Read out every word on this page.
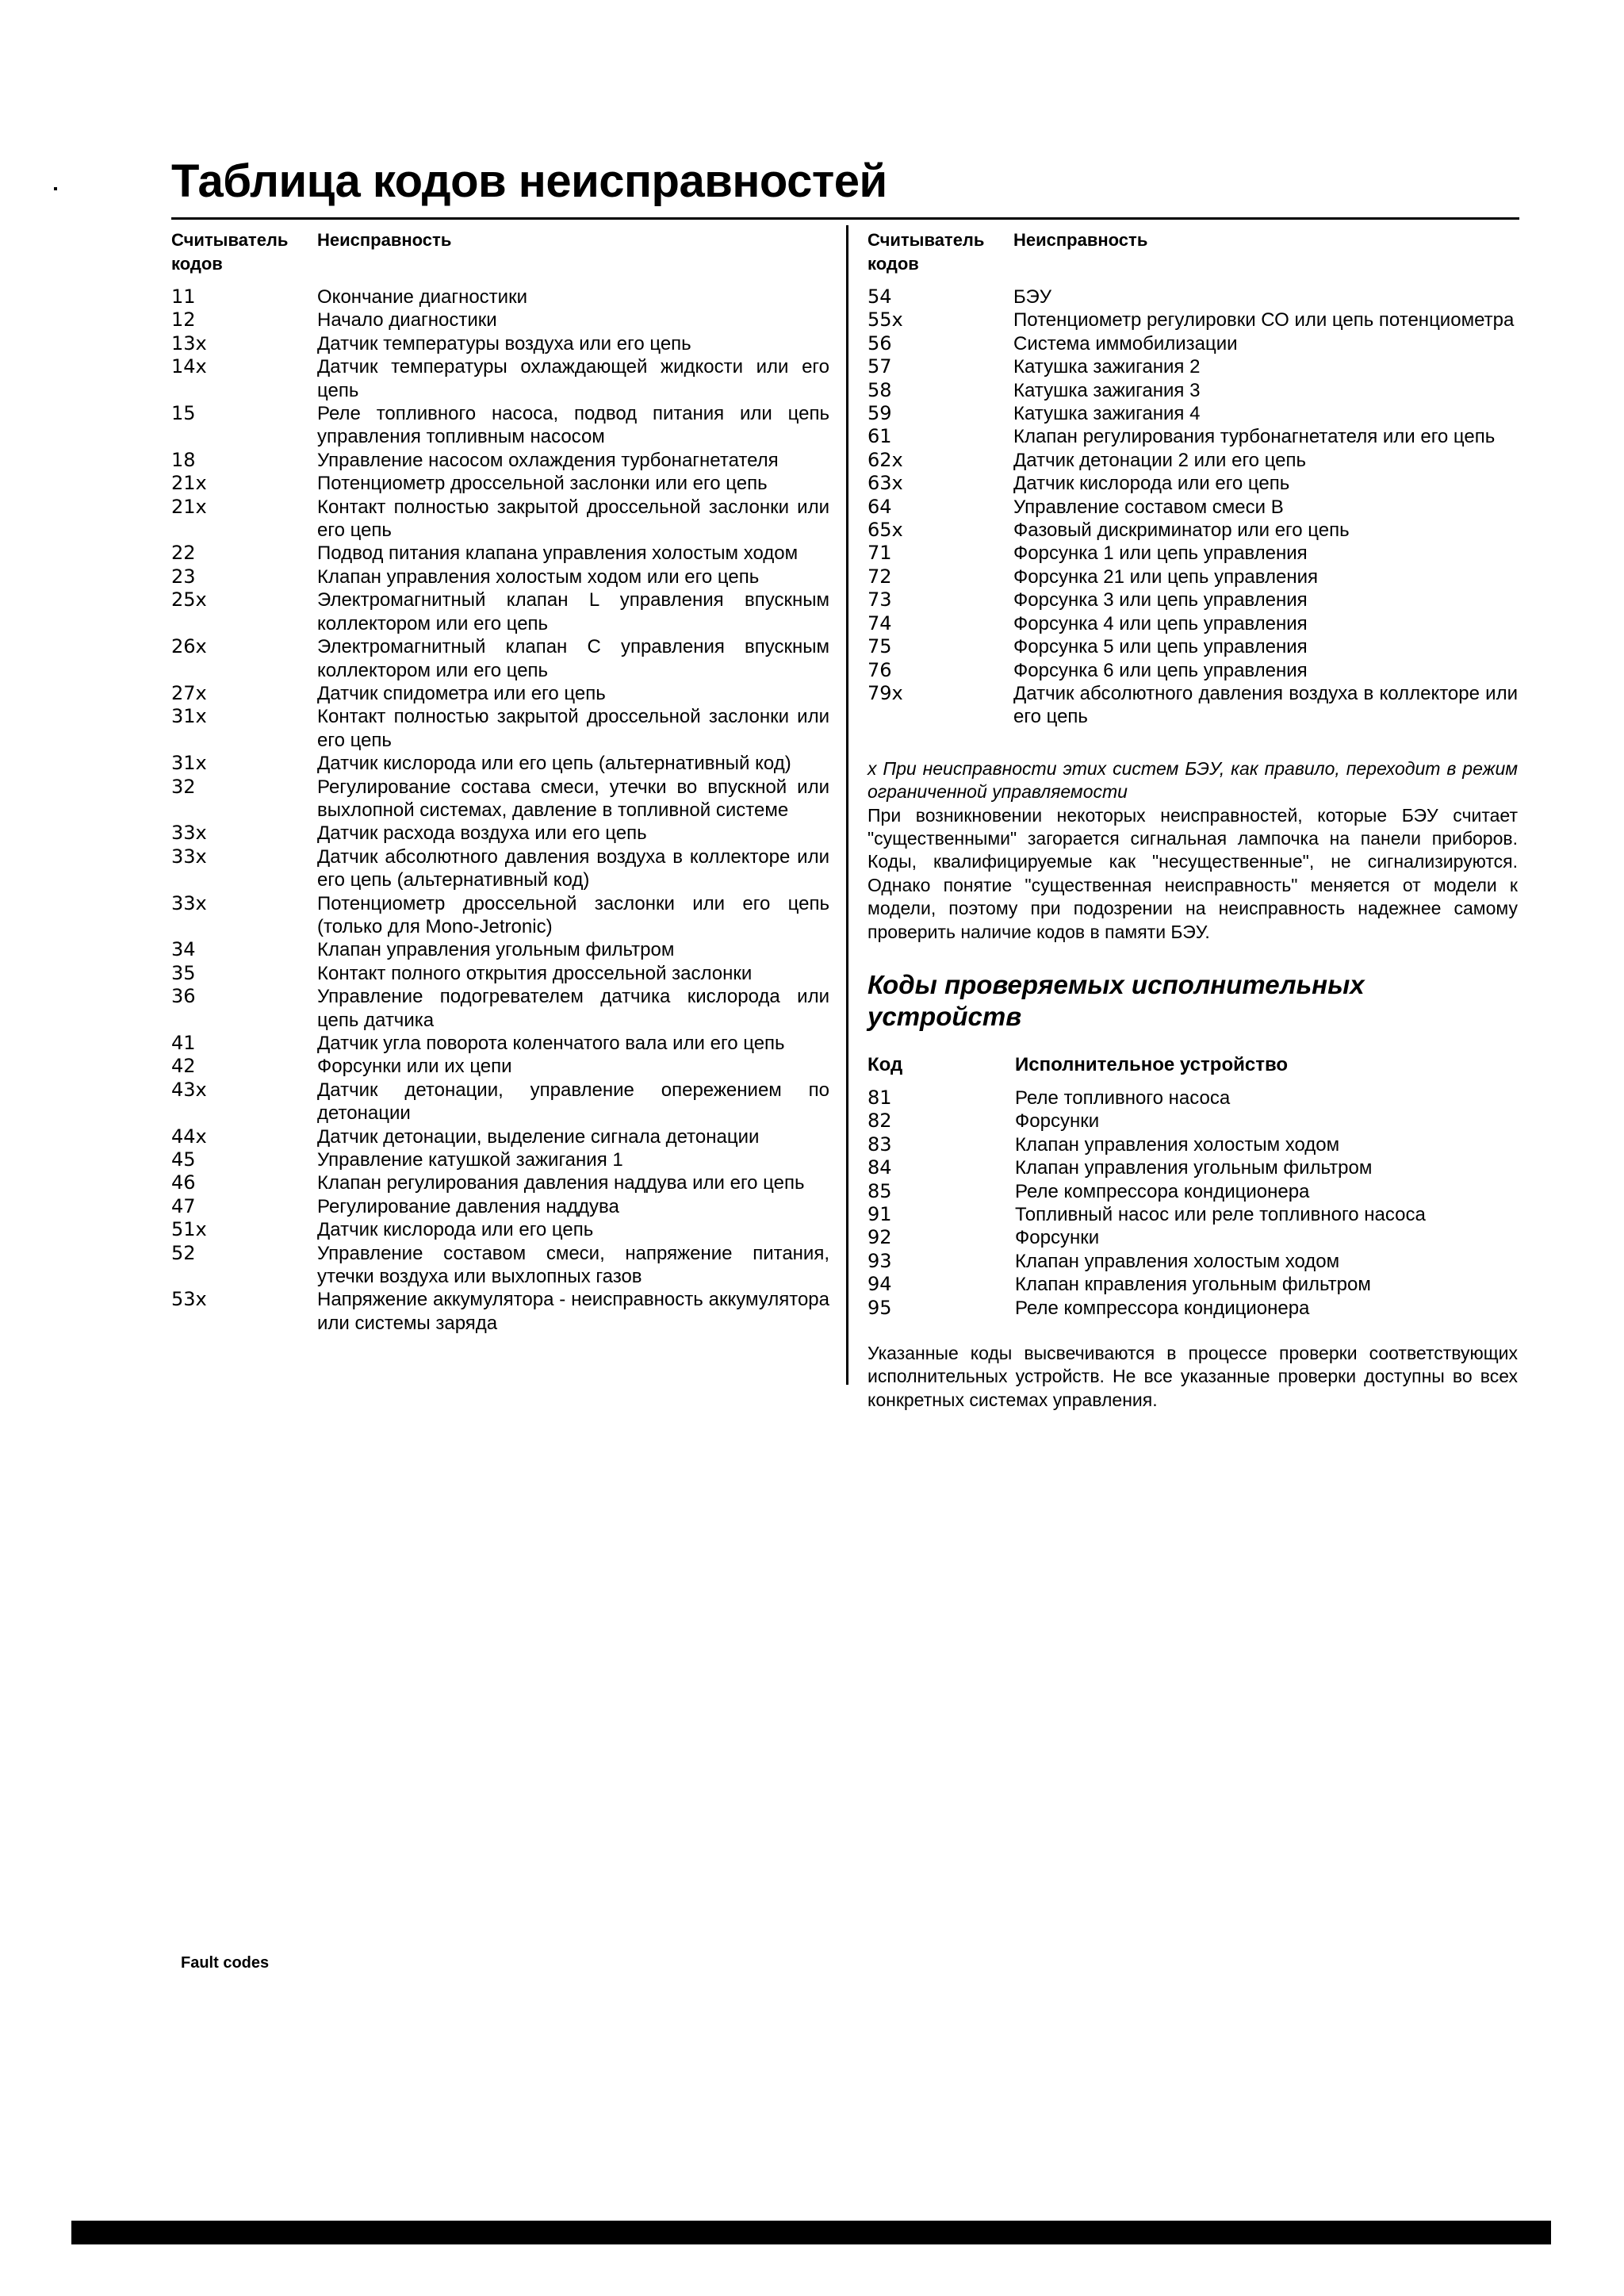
Таблица кодов неисправностей
Считыватель кодов
Неисправность
11	Окончание диагностики
12	Начало диагностики
13x	Датчик температуры воздуха или его цепь
14x	Датчик температуры охлаждающей жидкости или его цепь
15	Реле топливного насоса, подвод питания или цепь управления топливным насосом
18	Управление насосом охлаждения турбонагнетателя
21x	Потенциометр дроссельной заслонки или его цепь
21x	Контакт полностью закрытой дроссельной заслонки или его цепь
22	Подвод питания клапана управления холостым ходом
23	Клапан управления холостым ходом или его цепь
25x	Электромагнитный клапан L управления впускным коллектором или его цепь
26x	Электромагнитный клапан C управления впускным коллектором или его цепь
27x	Датчик спидометра или его цепь
31x	Контакт полностью закрытой дроссельной заслонки или его цепь
31x	Датчик кислорода или его цепь (альтернативный код)
32	Регулирование состава смеси, утечки во впускной или выхлопной системах, давление в топливной системе
33x	Датчик расхода воздуха или его цепь
33x	Датчик абсолютного давления воздуха в коллекторе или его цепь (альтернативный код)
33x	Потенциометр дроссельной заслонки или его цепь (только для Mono-Jetronic)
34	Клапан управления угольным фильтром
35	Контакт полного открытия дроссельной заслонки
36	Управление подогревателем датчика кислорода или цепь датчика
41	Датчик угла поворота коленчатого вала или его цепь
42	Форсунки или их цепи
43x	Датчик детонации, управление опережением по детонации
44x	Датчик детонации, выделение сигнала детонации
45	Управление катушкой зажигания 1
46	Клапан регулирования давления наддува или его цепь
47	Регулирование давления наддува
51x	Датчик кислорода или его цепь
52	Управление составом смеси, напряжение питания, утечки воздуха или выхлопных газов
53x	Напряжение аккумулятора - неисправность аккумулятора или системы заряда
Считыватель кодов
Неисправность
54	БЭУ
55x	Потенциометр регулировки СО или цепь потенциометра
56	Система иммобилизации
57	Катушка зажигания 2
58	Катушка зажигания 3
59	Катушка зажигания 4
61	Клапан регулирования турбонагнетателя или его цепь
62x	Датчик детонации 2 или его цепь
63x	Датчик кислорода или его цепь
64	Управление составом смеси B
65x	Фазовый дискриминатор или его цепь
71	Форсунка 1 или цепь управления
72	Форсунка 21 или цепь управления
73	Форсунка 3 или цепь управления
74	Форсунка 4 или цепь управления
75	Форсунка 5 или цепь управления
76	Форсунка 6 или цепь управления
79x	Датчик абсолютного давления воздуха в коллекторе или его цепь
x При неисправности этих систем БЭУ, как правило, переходит в режим ограниченной управляемости
При возникновении некоторых неисправностей, которые БЭУ считает "существенными" загорается сигнальная лампочка на панели приборов. Коды, квалифицируемые как "несущественные", не сигнализируются. Однако понятие "существенная неисправность" меняется от модели к модели, поэтому при подозрении на неисправность надежнее самому проверить наличие кодов в памяти БЭУ.
Коды проверяемых исполнительных устройств
Код	Исполнительное устройство
81	Реле топливного насоса
82	Форсунки
83	Клапан управления холостым ходом
84	Клапан управления угольным фильтром
85	Реле компрессора кондиционера
91	Топливный насос или реле топливного насоса
92	Форсунки
93	Клапан управления холостым ходом
94	Клапан кправления угольным фильтром
95	Реле компрессора кондиционера
Указанные коды высвечиваются в процессе проверки соответствующих исполнительных устройств. Не все указанные проверки доступны во всех конкретных системах управления.
Fault codes
